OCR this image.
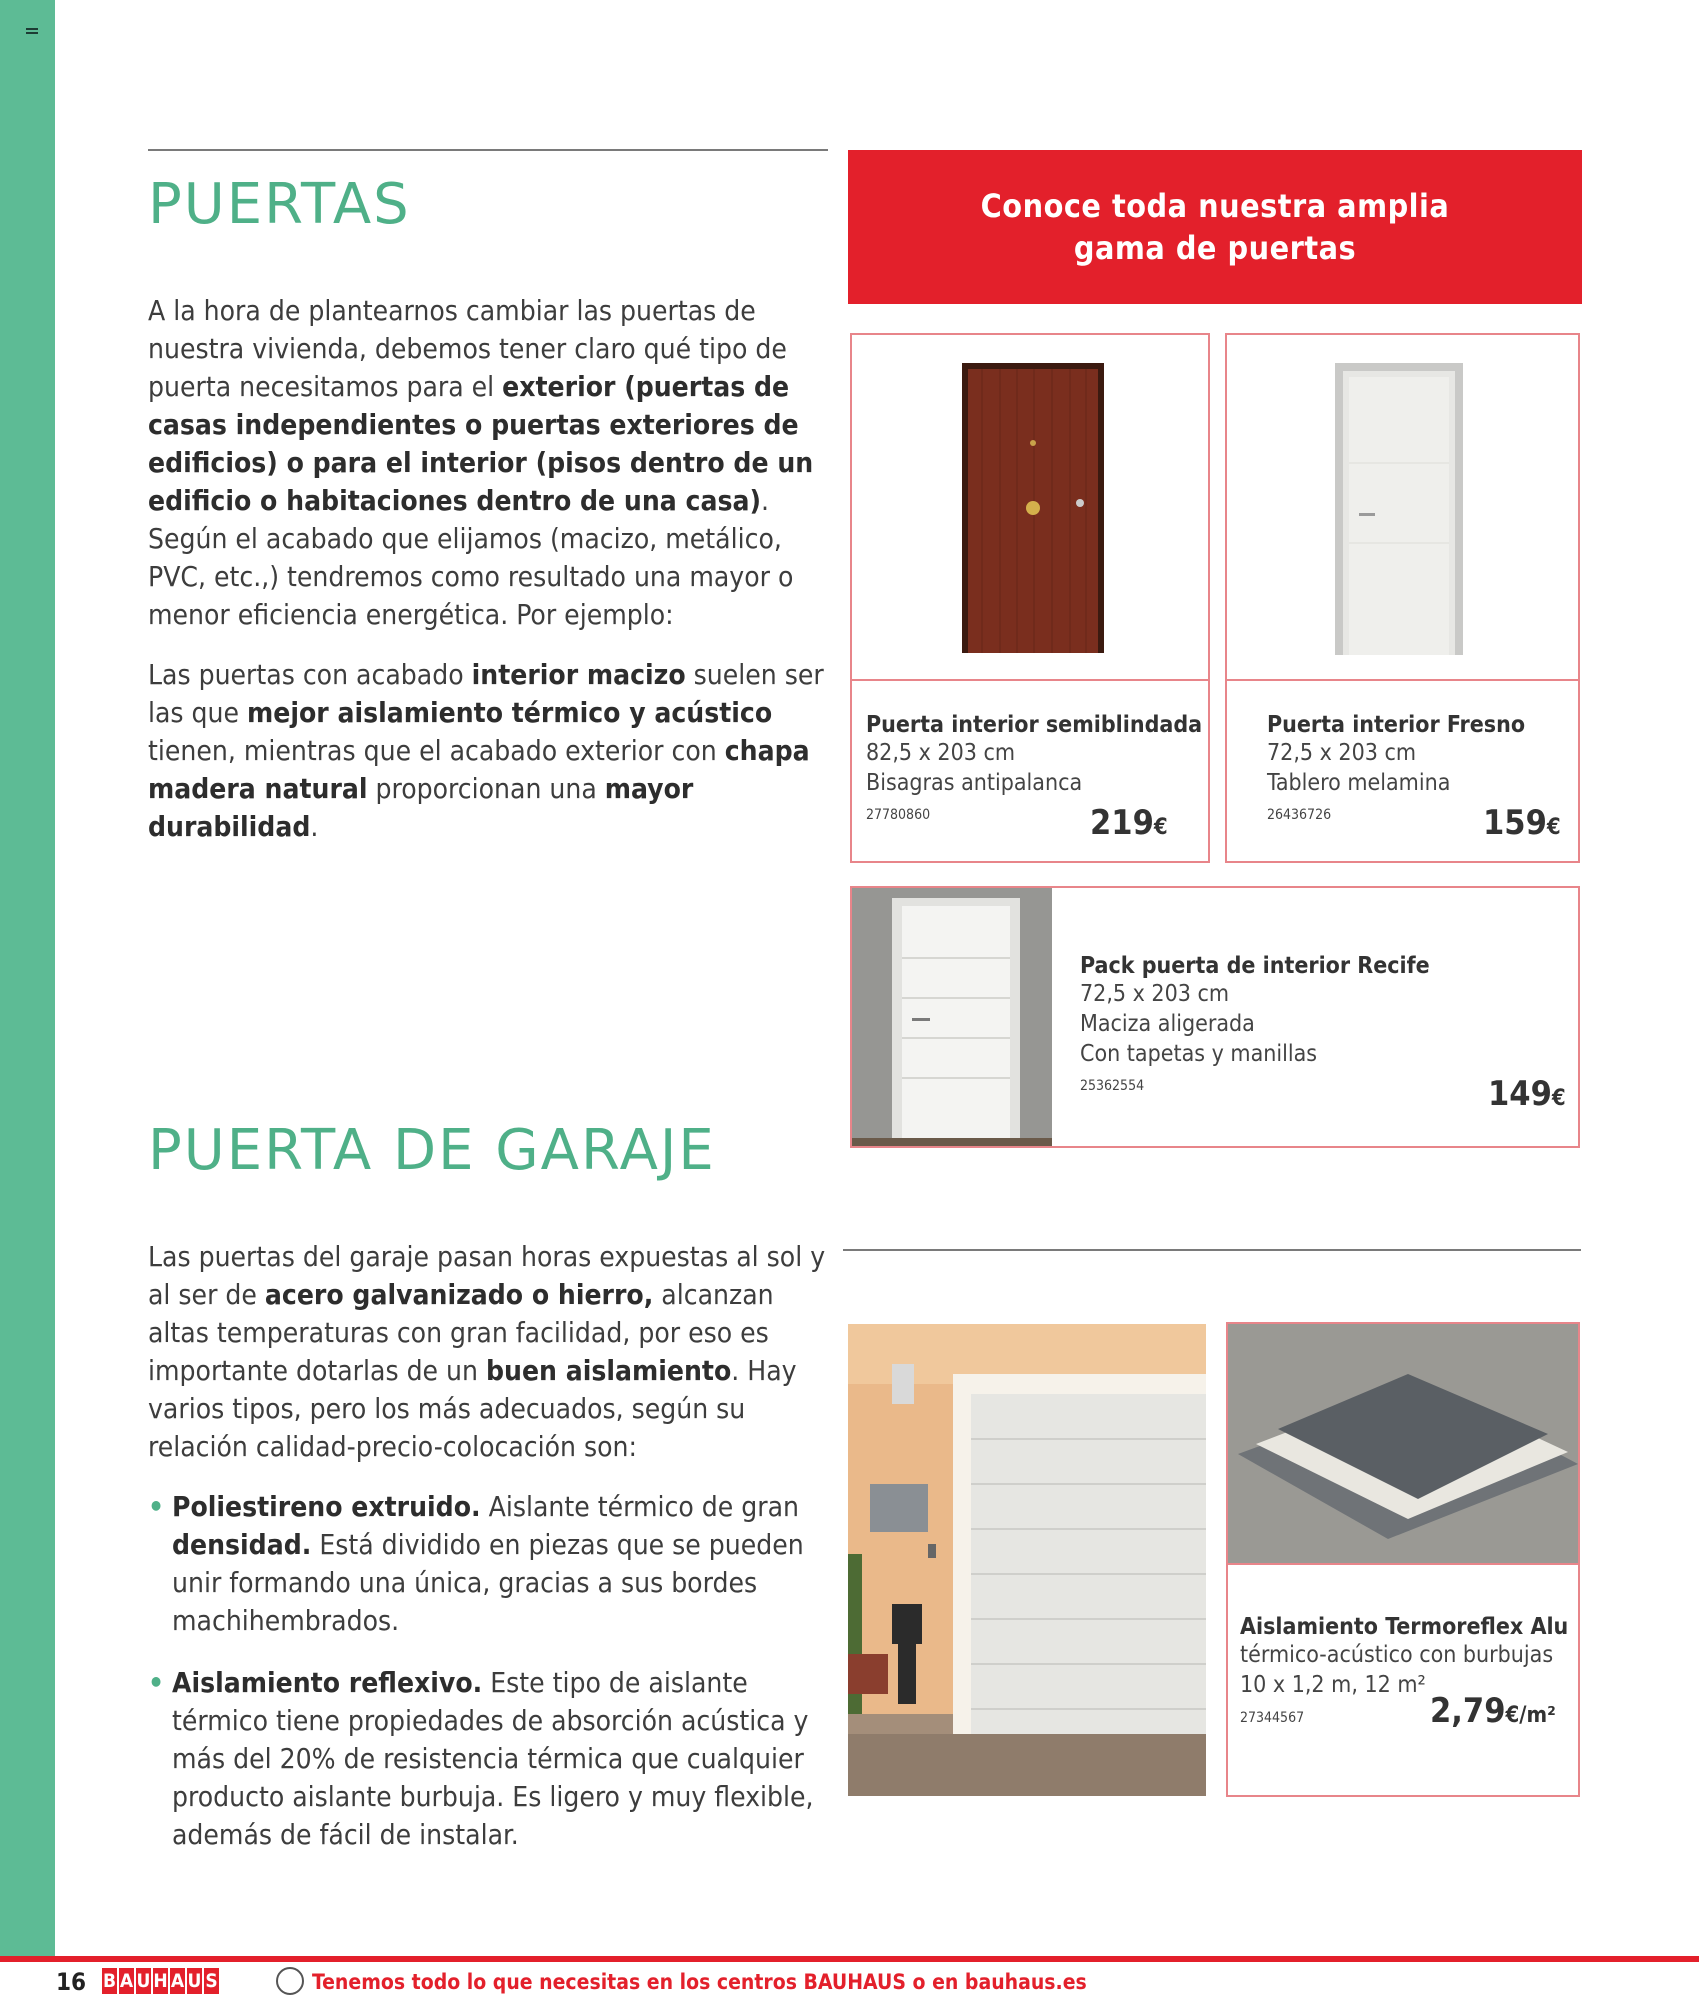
PUERTAS

A la hora de plantearnos cambiar las puertas de nuestra vivienda, debemos tener claro qué tipo de puerta necesitamos para el exterior (puertas de casas independientes o puertas exteriores de edificios) o para el interior (pisos dentro de un edificio o habitaciones dentro de una casa). Según el acabado que elijamos (macizo, metálico, PVC, etc.,) tendremos como resultado una mayor o menor eficiencia energética. Por ejemplo:

Las puertas con acabado interior macizo suelen ser las que mejor aislamiento térmico y acústico tienen, mientras que el acabado exterior con chapa madera natural proporcionan una mayor durabilidad.

Conoce toda nuestra amplia gama de puertas
Puerta interior semiblindada
82,5 x 203 cm
Bisagras antipalanca
27780860	219€
Puerta interior Fresno
72,5 x 203 cm
Tablero melamina
26436726	159€
Pack puerta de interior Recife
72,5 x 203 cm
Maciza aligerada
Con tapetas y manillas
25362554	149€
PUERTA DE GARAJE

Las puertas del garaje pasan horas expuestas al sol y al ser de acero galvanizado o hierro, alcanzan altas temperaturas con gran facilidad, por eso es importante dotarlas de un buen aislamiento. Hay varios tipos, pero los más adecuados, según su relación calidad-precio-colocación son:

• Poliestireno extruido. Aislante térmico de gran densidad. Está dividido en piezas que se pueden unir formando una única, gracias a sus bordes machihembrados.
• Aislamiento reflexivo. Este tipo de aislante térmico tiene propiedades de absorción acústica y más del 20% de resistencia térmica que cualquier producto aislante burbuja. Es ligero y muy flexible, además de fácil de instalar.
Aislamiento Termoreflex Alu
térmico-acústico con burbujas
10 x 1,2 m, 12 m²
27344567	2,79€/m²
16 B A U H A U S	Tenemos todo lo que necesitas en los centros BAUHAUS o en bauhaus.es
